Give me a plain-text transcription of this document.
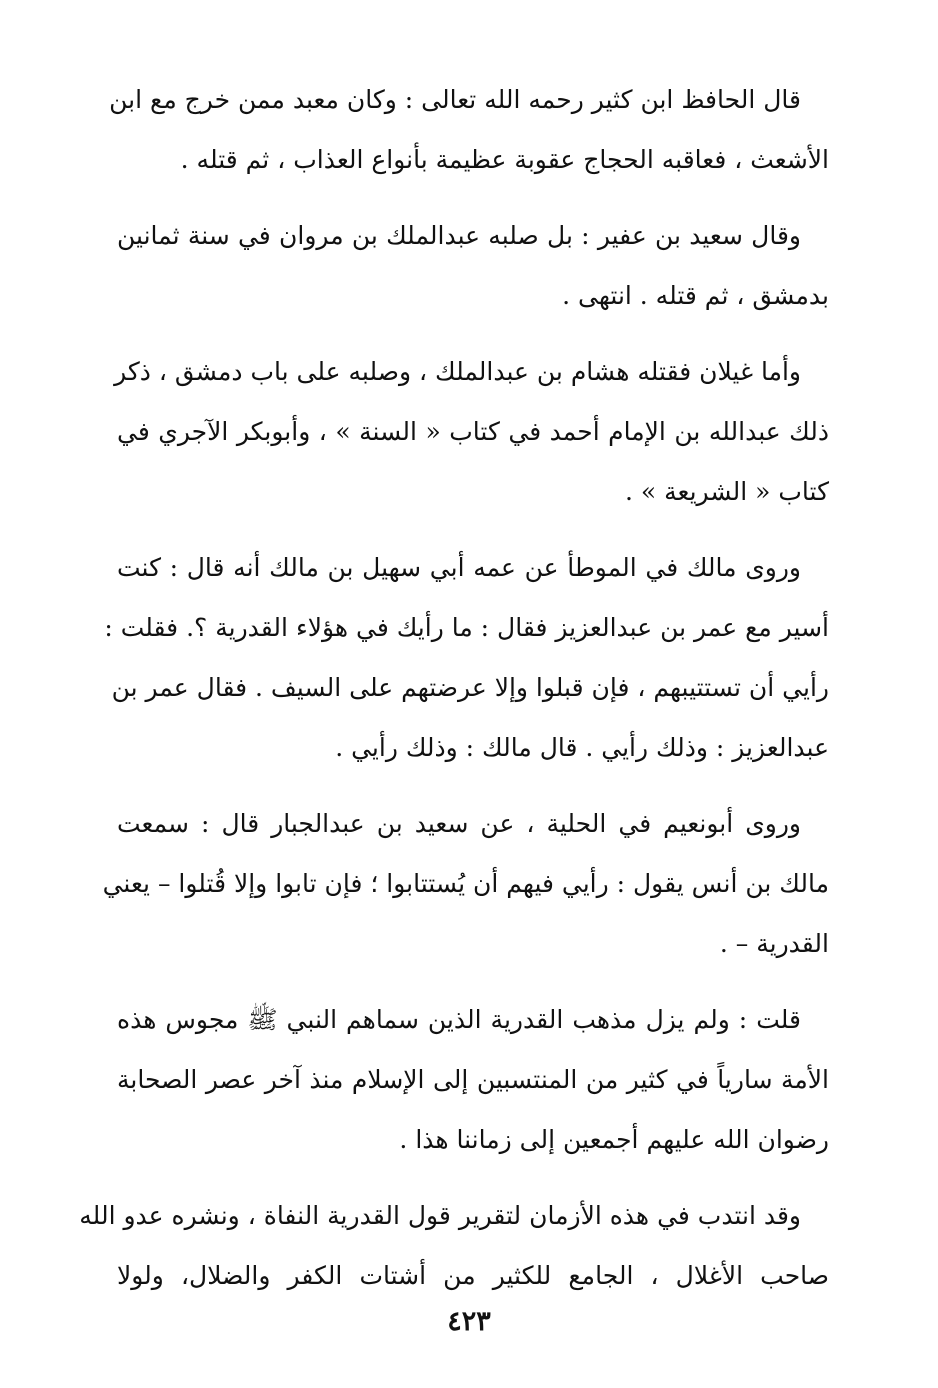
قال الحافظ ابن كثير رحمه الله تعالى : وكان معبد ممن خرج مع ابن
الأشعث ، فعاقبه الحجاج عقوبة عظيمة بأنواع العذاب ، ثم قتله .

وقال سعيد بن عفير : بل صلبه عبدالملك بن مروان في سنة ثمانين
بدمشق ، ثم قتله . انتهى .

وأما غيلان فقتله هشام بن عبدالملك ، وصلبه على باب دمشق ، ذكر
ذلك عبدالله بن الإمام أحمد في كتاب « السنة » ، وأبوبكر الآجري في
كتاب « الشريعة » .

وروى مالك في الموطأ عن عمه أبي سهيل بن مالك أنه قال : كنت
أسير مع عمر بن عبدالعزيز فقال : ما رأيك في هؤلاء القدرية ؟. فقلت :
رأيي أن تستتيبهم ، فإن قبلوا وإلا عرضتهم على السيف . فقال عمر بن
عبدالعزيز : وذلك رأيي . قال مالك : وذلك رأيي .

وروى أبونعيم في الحلية ، عن سعيد بن عبدالجبار قال : سمعت
مالك بن أنس يقول : رأيي فيهم أن يُستتابوا ؛ فإن تابوا وإلا قُتلوا – يعني
القدرية – .

قلت : ولم يزل مذهب القدرية الذين سماهم النبي ﷺ مجوس هذه
الأمة سارياً في كثير من المنتسبين إلى الإسلام منذ آخر عصر الصحابة
رضوان الله عليهم أجمعين إلى زماننا هذا .

وقد انتدب في هذه الأزمان لتقرير قول القدرية النفاة ، ونشره عدو الله
صاحب الأغلال ، الجامع للكثير من أشتات الكفر والضلال، ولولا

٤٢٣
